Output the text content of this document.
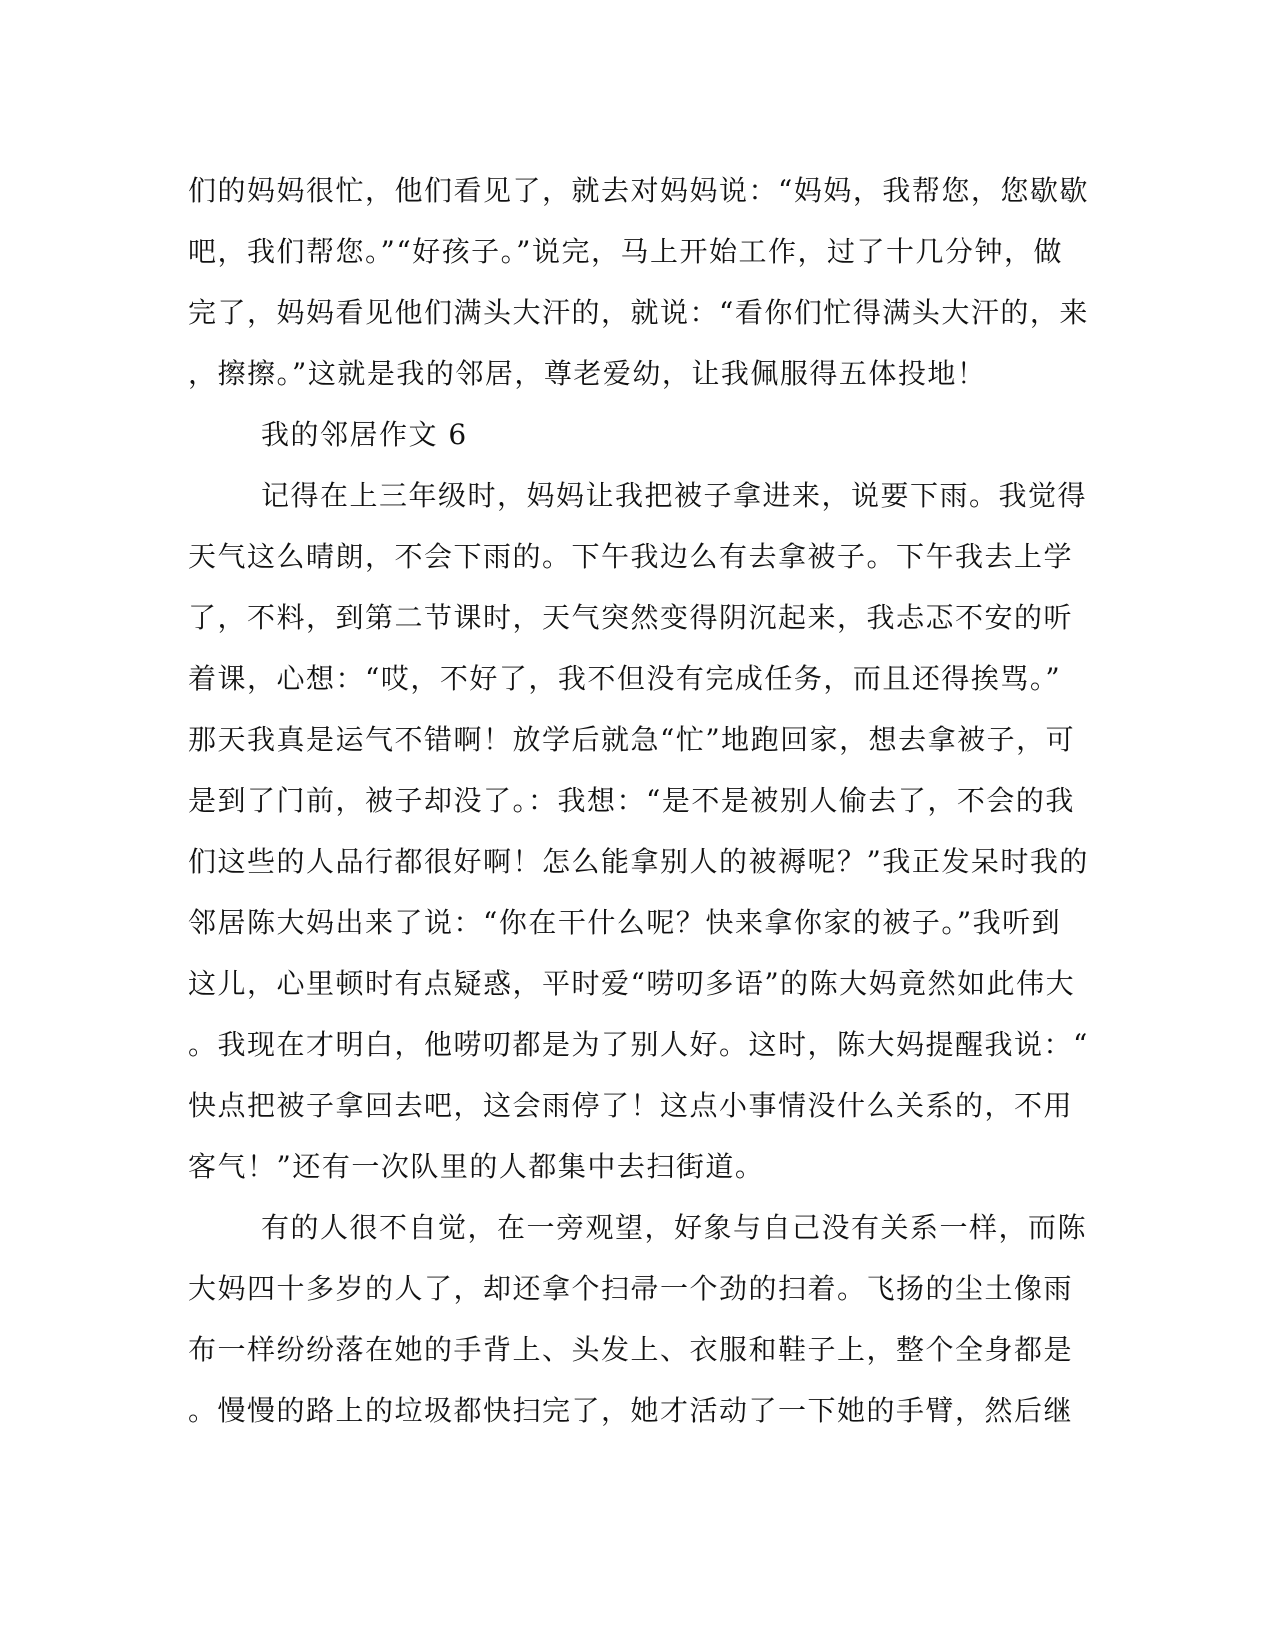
们的妈妈很忙，他们看见了，就去对妈妈说：“妈妈，我帮您，您歇歇
吧，我们帮您。”“好孩子。”说完，马上开始工作，过了十几分钟，做
完了，妈妈看见他们满头大汗的，就说：“看你们忙得满头大汗的，来
，擦擦。”这就是我的邻居，尊老爱幼，让我佩服得五体投地！
我的邻居作文 6
记得在上三年级时，妈妈让我把被子拿进来，说要下雨。我觉得
天气这么晴朗，不会下雨的。下午我边么有去拿被子。下午我去上学
了，不料，到第二节课时，天气突然变得阴沉起来，我忐忑不安的听
着课，心想：“哎，不好了，我不但没有完成任务，而且还得挨骂。”
那天我真是运气不错啊！放学后就急“忙”地跑回家，想去拿被子，可
是到了门前，被子却没了。：我想：“是不是被别人偷去了，不会的我
们这些的人品行都很好啊！怎么能拿别人的被褥呢？”我正发呆时我的
邻居陈大妈出来了说：“你在干什么呢？快来拿你家的被子。”我听到
这儿，心里顿时有点疑惑，平时爱“唠叨多语”的陈大妈竟然如此伟大
。我现在才明白，他唠叨都是为了别人好。这时，陈大妈提醒我说：“
快点把被子拿回去吧，这会雨停了！这点小事情没什么关系的，不用
客气！”还有一次队里的人都集中去扫街道。
有的人很不自觉，在一旁观望，好象与自己没有关系一样，而陈
大妈四十多岁的人了，却还拿个扫帚一个劲的扫着。飞扬的尘土像雨
布一样纷纷落在她的手背上、头发上、衣服和鞋子上，整个全身都是
。慢慢的路上的垃圾都快扫完了，她才活动了一下她的手臂，然后继
